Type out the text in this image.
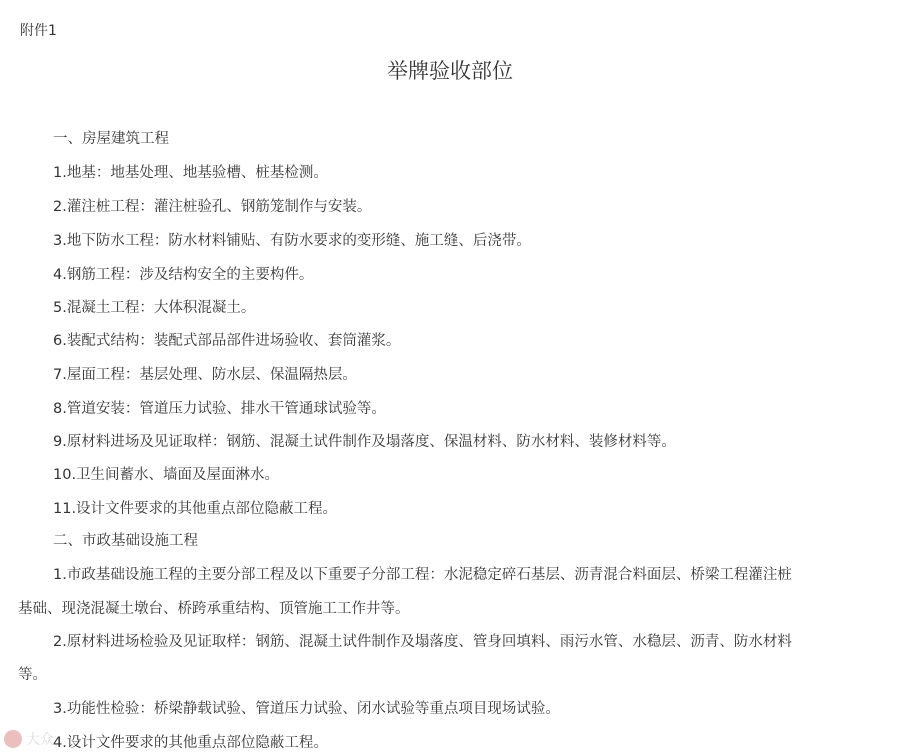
附件1
举牌验收部位
一、房屋建筑工程
1.地基：地基处理、地基验槽、桩基检测。
2.灌注桩工程：灌注桩验孔、钢筋笼制作与安装。
3.地下防水工程：防水材料铺贴、有防水要求的变形缝、施工缝、后浇带。
4.钢筋工程：涉及结构安全的主要构件。
5.混凝土工程：大体积混凝土。
6.装配式结构：装配式部品部件进场验收、套筒灌浆。
7.屋面工程：基层处理、防水层、保温隔热层。
8.管道安装：管道压力试验、排水干管通球试验等。
9.原材料进场及见证取样：钢筋、混凝土试件制作及塌落度、保温材料、防水材料、装修材料等。
10.卫生间蓄水、墙面及屋面淋水。
11.设计文件要求的其他重点部位隐蔽工程。
二、市政基础设施工程
1.市政基础设施工程的主要分部工程及以下重要子分部工程：水泥稳定碎石基层、沥青混合料面层、桥梁工程灌注桩
基础、现浇混凝土墩台、桥跨承重结构、顶管施工工作井等。
2.原材料进场检验及见证取样：钢筋、混凝土试件制作及塌落度、管身回填料、雨污水管、水稳层、沥青、防水材料
等。
3.功能性检验：桥梁静载试验、管道压力试验、闭水试验等重点项目现场试验。
4.设计文件要求的其他重点部位隐蔽工程。
大众
